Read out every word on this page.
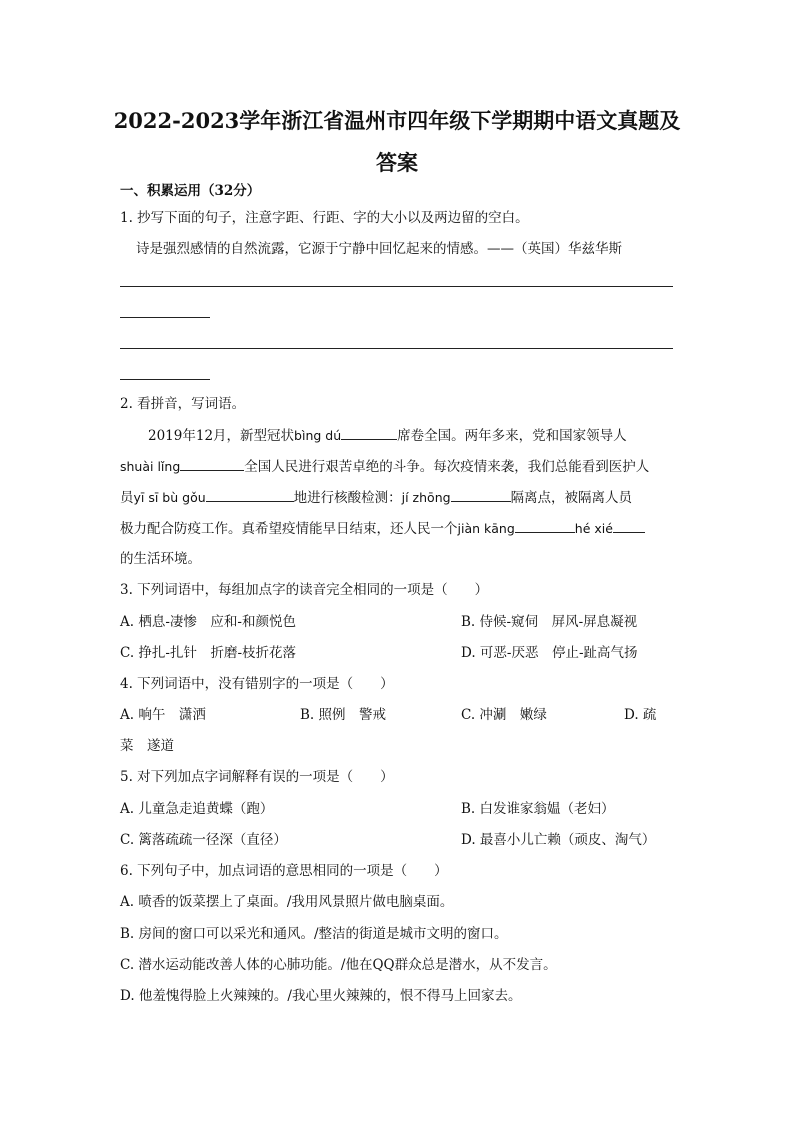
2022-2023学年浙江省温州市四年级下学期期中语文真题及
答案
一、积累运用（32分）
1. 抄写下面的句子，注意字距、行距、字的大小以及两边留的空白。
诗是强烈感情的自然流露，它源于宁静中回忆起来的情感。——（英国）华兹华斯
2. 看拼音，写词语。
2019年12月，新型冠状bìng dú	席卷全国。两年多来，党和国家领导人
shuài lǐng	全国人民进行艰苦卓绝的斗争。每次疫情来袭，我们总能看到医护人
员yī sī bù gǒu	地进行核酸检测：jí zhōng	隔离点，被隔离人员
极力配合防疫工作。真希望疫情能早日结束，还人民一个jiàn kāng	hé xié
的生活环境。
3. 下列词语中，每组加点字的读音完全相同的一项是（　　）
A. 栖息-凄惨　应和-和颜悦色	B. 侍候-窥伺　屏风-屏息凝视
C. 挣扎-扎针　折磨-枝折花落	D. 可恶-厌恶　停止-趾高气扬
4. 下列词语中，没有错别字的一项是（　　）
A. 响午　潇洒	B. 照例　警戒	C. 冲涮　嫩绿	D. 疏
菜　遂道
5. 对下列加点字词解释有误的一项是（　　）
A. 儿童急走追黄蝶（跑）	B. 白发谁家翁媪（老妇）
C. 篱落疏疏一径深（直径）	D. 最喜小儿亡赖（顽皮、淘气）
6. 下列句子中，加点词语的意思相同的一项是（　　）
A. 喷香的饭菜摆上了桌面。/我用风景照片做电脑桌面。
B. 房间的窗口可以采光和通风。/整洁的街道是城市文明的窗口。
C. 潜水运动能改善人体的心肺功能。/他在QQ群众总是潜水，从不发言。
D. 他羞愧得脸上火辣辣的。/我心里火辣辣的，恨不得马上回家去。
